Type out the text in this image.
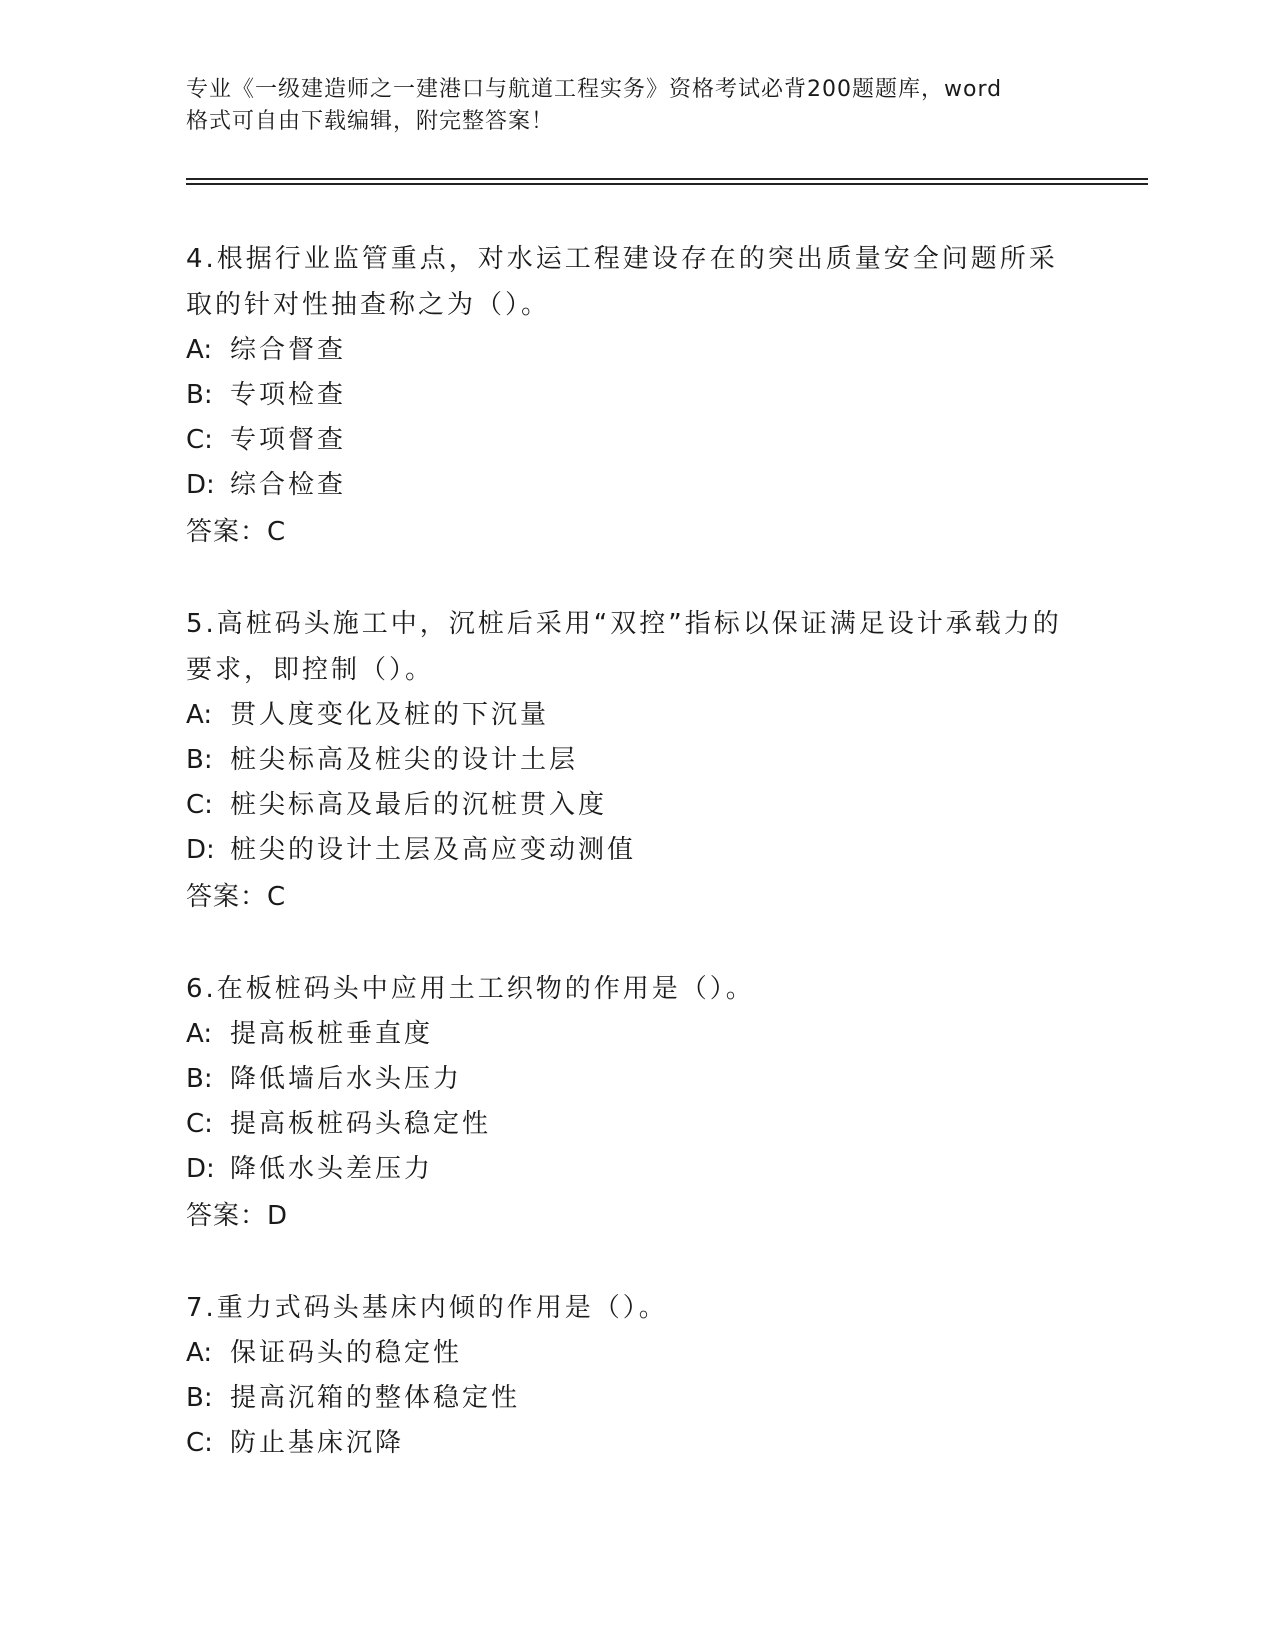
专业《一级建造师之一建港口与航道工程实务》资格考试必背200题题库，word
格式可自由下载编辑，附完整答案！
4.根据行业监管重点，对水运工程建设存在的突出质量安全问题所采取的针对性抽查称之为（）。
A: 综合督查
B: 专项检查
C: 专项督查
D: 综合检查
答案：C
5.高桩码头施工中，沉桩后采用“双控”指标以保证满足设计承载力的要求，即控制（）。
A: 贯人度变化及桩的下沉量
B: 桩尖标高及桩尖的设计土层
C: 桩尖标高及最后的沉桩贯入度
D: 桩尖的设计土层及高应变动测值
答案：C
6.在板桩码头中应用土工织物的作用是（）。
A: 提高板桩垂直度
B: 降低墙后水头压力
C: 提高板桩码头稳定性
D: 降低水头差压力
答案：D
7.重力式码头基床内倾的作用是（）。
A: 保证码头的稳定性
B: 提高沉箱的整体稳定性
C: 防止基床沉降
